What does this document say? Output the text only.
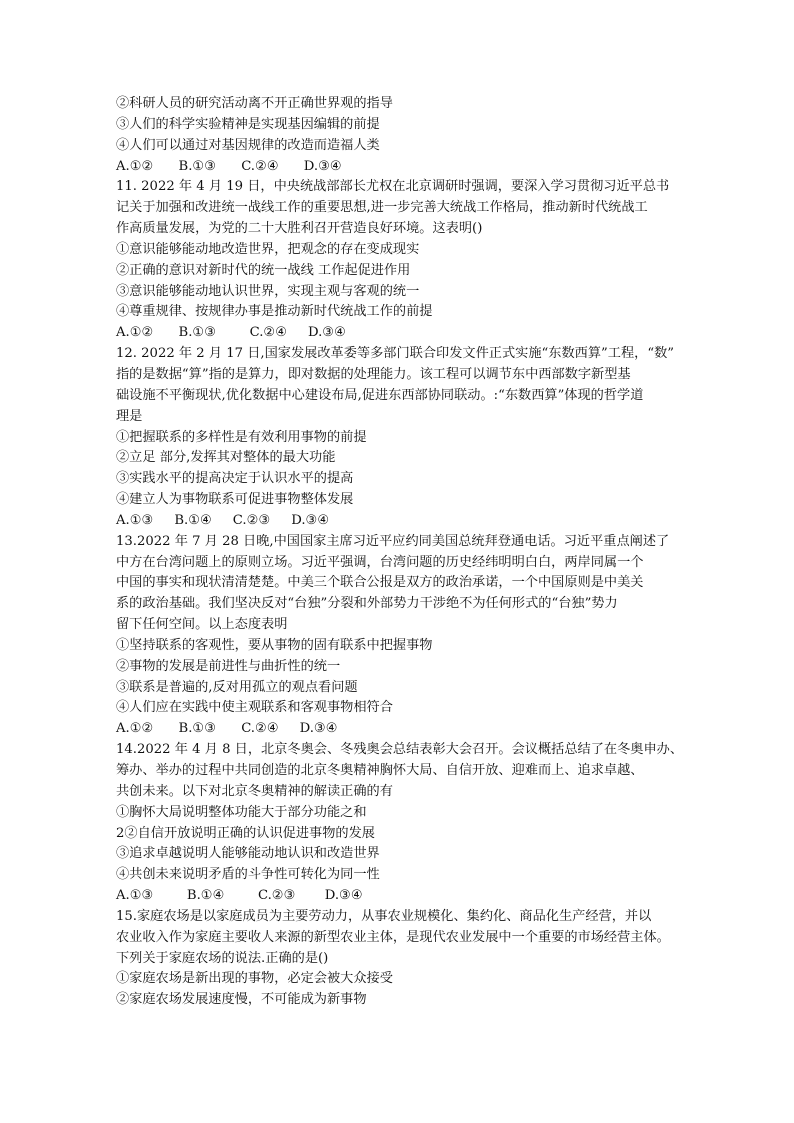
②科研人员的研究活动离不开正确世界观的指导
③人们的科学实验精神是实现基因编辑的前提
④人们可以通过对基因规律的改造而造福人类
A.①②      B.①③      C.②④      D.③④
11. 2022 年 4 月 19 日，中央统战部部长尤权在北京调研时强调，要深入学习贯彻习近平总书
记关于加强和改进统一战线工作的重要思想,进一步完善大统战工作格局，推动新时代统战工
作高质量发展，为党的二十大胜利召开营造良好环境。这表明()
①意识能够能动地改造世界，把观念的存在变成现实
②正确的意识对新时代的统一战线 工作起促进作用
③意识能够能动地认识世界，实现主观与客观的统一
④尊重规律、按规律办事是推动新时代统战工作的前提
A.①②      B.①③        C.②④     D.③④
12. 2022 年 2 月 17 日,国家发展改革委等多部门联合印发文件正式实施“东数西算”工程，“数”
指的是数据“算”指的是算力，即对数据的处理能力。该工程可以调节东中西部数字新型基
础设施不平衡现状,优化数据中心建设布局,促进东西部协同联动。:“东数西算”体现的哲学道
理是
①把握联系的多样性是有效利用事物的前提
②立足 部分,发挥其对整体的最大功能
③实践水平的提高决定于认识水平的提高
④建立人为事物联系可促进事物整体发展
A.①③     B.①④     C.②③     D.③④
13.2022 年 7 月 28 日晚,中国国家主席习近平应约同美国总统拜登通电话。习近平重点阐述了
中方在台湾问题上的原则立场。习近平强调，台湾问题的历史经纬明明白白，两岸同属一个
中国的事实和现状清清楚楚。中美三个联合公报是双方的政治承诺，一个中国原则是中美关
系的政治基础。我们坚决反对“台独”分裂和外部势力干涉绝不为任何形式的“台独”势力
留下任何空间。以上态度表明
①坚持联系的客观性，要从事物的固有联系中把握事物
②事物的发展是前进性与曲折性的统一
③联系是普遍的,反对用孤立的观点看问题
④人们应在实践中使主观联系和客观事物相符合
A.①②      B.①③      C.②④     D.③④
14.2022 年 4 月 8 日，北京冬奥会、冬残奥会总结表彰大会召开。会议概括总结了在冬奥申办、
筹办、举办的过程中共同创造的北京冬奥精神胸怀大局、自信开放、迎难而上、追求卓越、
共创未来。以下对北京冬奥精神的解读正确的有
①胸怀大局说明整体功能大于部分功能之和
2②自信开放说明正确的认识促进事物的发展
③追求卓越说明人能够能动地认识和改造世界
④共创未来说明矛盾的斗争性可转化为同一性
A.①③        B.①④        C.②③       D.③④
15.家庭农场是以家庭成员为主要劳动力，从事农业规模化、集约化、商品化生产经营，并以
农业收入作为家庭主要收人来源的新型农业主体，是现代农业发展中一个重要的市场经营主体。
下列关于家庭农场的说法.正确的是()
①家庭农场是新出现的事物，必定会被大众接受
②家庭农场发展速度慢，不可能成为新事物
